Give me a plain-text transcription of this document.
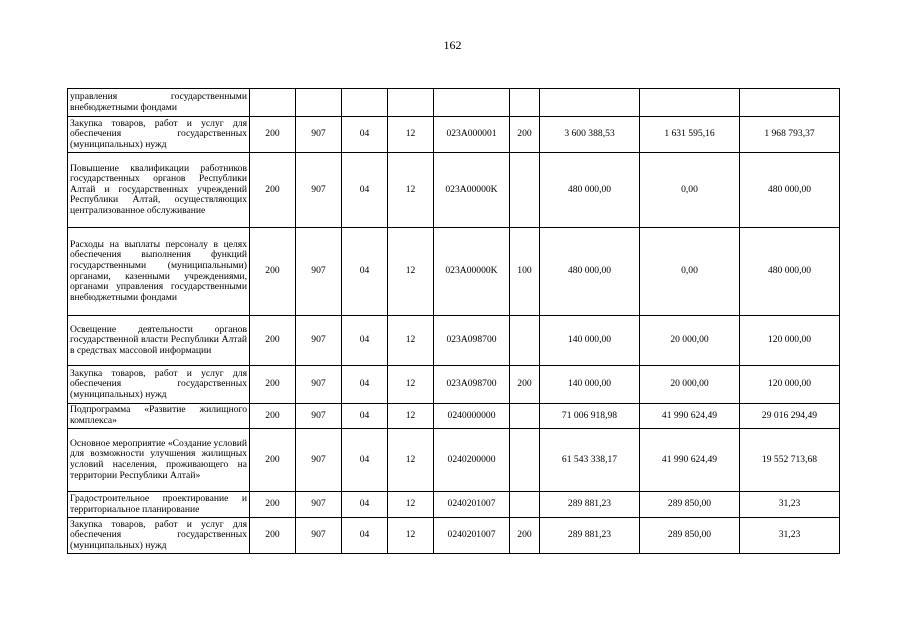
162
управления государственными внебюджетными фондами									
Закупка товаров, работ и услуг для обеспечения государственных (муниципальных) нужд	200	907	04	12	023A000001	200	3 600 388,53	1 631 595,16	1 968 793,37
Повышение квалификации работников государственных органов Республики Алтай и государственных учреждений Республики Алтай, осуществляющих централизованное обслуживание	200	907	04	12	023A00000K		480 000,00	0,00	480 000,00
Расходы на выплаты персоналу в целях обеспечения выполнения функций государственными (муниципальными) органами, казенными учреждениями, органами управления государственными внебюджетными фондами	200	907	04	12	023A00000K	100	480 000,00	0,00	480 000,00
Освещение деятельности органов государственной власти Республики Алтай в средствах массовой информации	200	907	04	12	023A098700		140 000,00	20 000,00	120 000,00
Закупка товаров, работ и услуг для обеспечения государственных (муниципальных) нужд	200	907	04	12	023A098700	200	140 000,00	20 000,00	120 000,00
Подпрограмма «Развитие жилищного комплекса»	200	907	04	12	0240000000		71 006 918,98	41 990 624,49	29 016 294,49
Основное мероприятие «Создание условий для возможности улучшения жилищных условий населения, проживающего на территории Республики Алтай»	200	907	04	12	0240200000		61 543 338,17	41 990 624,49	19 552 713,68
Градостроительное проектирование и территориальное планирование	200	907	04	12	0240201007		289 881,23	289 850,00	31,23
Закупка товаров, работ и услуг для обеспечения государственных (муниципальных) нужд	200	907	04	12	0240201007	200	289 881,23	289 850,00	31,23
